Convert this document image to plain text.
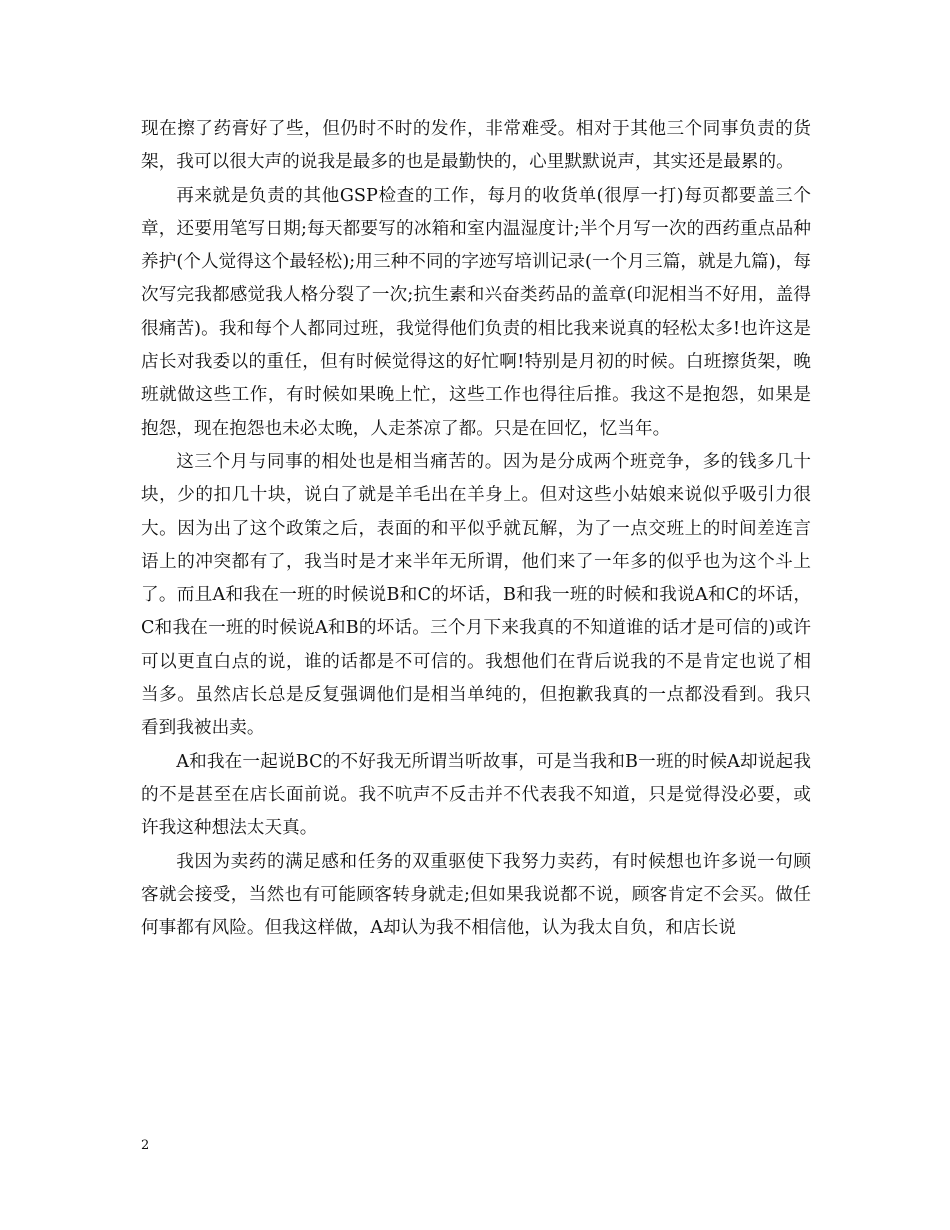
现在擦了药膏好了些，但仍时不时的发作，非常难受。相对于其他三个同事负责的货架，我可以很大声的说我是最多的也是最勤快的，心里默默说声，其实还是最累的。

再来就是负责的其他GSP检查的工作，每月的收货单(很厚一打)每页都要盖三个章，还要用笔写日期;每天都要写的冰箱和室内温湿度计;半个月写一次的西药重点品种养护(个人觉得这个最轻松);用三种不同的字迹写培训记录(一个月三篇，就是九篇)，每次写完我都感觉我人格分裂了一次;抗生素和兴奋类药品的盖章(印泥相当不好用，盖得很痛苦)。我和每个人都同过班，我觉得他们负责的相比我来说真的轻松太多!也许这是店长对我委以的重任，但有时候觉得这的好忙啊!特别是月初的时候。白班擦货架，晚班就做这些工作，有时候如果晚上忙，这些工作也得往后推。我这不是抱怨，如果是抱怨，现在抱怨也未必太晚，人走茶凉了都。只是在回忆，忆当年。

这三个月与同事的相处也是相当痛苦的。因为是分成两个班竞争，多的钱多几十块，少的扣几十块，说白了就是羊毛出在羊身上。但对这些小姑娘来说似乎吸引力很大。因为出了这个政策之后，表面的和平似乎就瓦解，为了一点交班上的时间差连言语上的冲突都有了，我当时是才来半年无所谓，他们来了一年多的似乎也为这个斗上了。而且A和我在一班的时候说B和C的坏话，B和我一班的时候和我说A和C的坏话，C和我在一班的时候说A和B的坏话。三个月下来我真的不知道谁的话才是可信的)或许可以更直白点的说，谁的话都是不可信的。我想他们在背后说我的不是肯定也说了相当多。虽然店长总是反复强调他们是相当单纯的，但抱歉我真的一点都没看到。我只看到我被出卖。

A和我在一起说BC的不好我无所谓当听故事，可是当我和B一班的时候A却说起我的不是甚至在店长面前说。我不吭声不反击并不代表我不知道，只是觉得没必要，或许我这种想法太天真。

我因为卖药的满足感和任务的双重驱使下我努力卖药，有时候想也许多说一句顾客就会接受，当然也有可能顾客转身就走;但如果我说都不说，顾客肯定不会买。做任何事都有风险。但我这样做，A却认为我不相信他，认为我太自负，和店长说

2
